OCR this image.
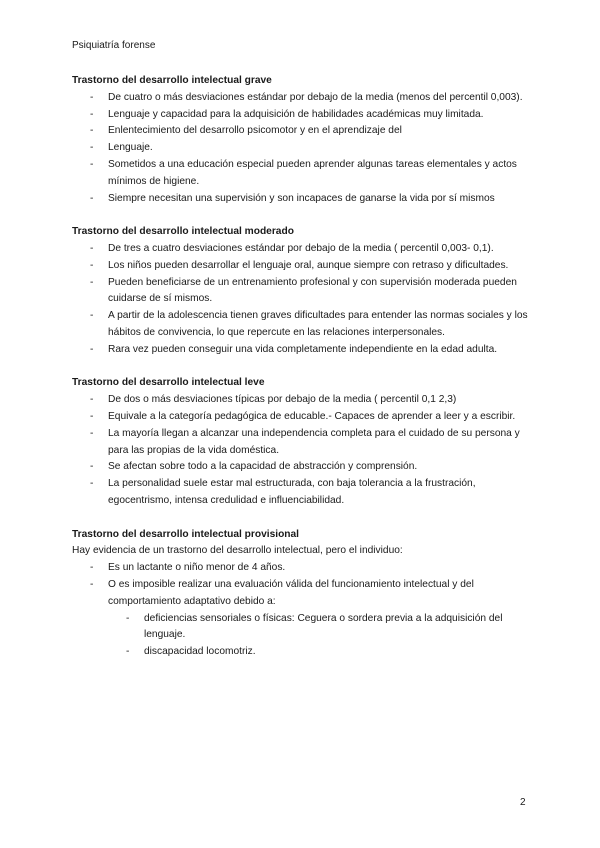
Psiquiatría forense

Trastorno del desarrollo intelectual grave

- De cuatro o más desviaciones estándar por debajo de la media (menos del percentil 0,003).
- Lenguaje y capacidad para la adquisición de habilidades académicas muy limitada.
- Enlentecimiento del desarrollo psicomotor y en el aprendizaje del
- Lenguaje.
- Sometidos a una educación especial pueden aprender algunas tareas elementales y actos mínimos de higiene.
- Siempre necesitan una supervisión y son incapaces de ganarse la vida por sí mismos

Trastorno del desarrollo intelectual moderado

- De tres a cuatro desviaciones estándar por debajo de la media ( percentil 0,003- 0,1).
- Los niños pueden desarrollar el lenguaje oral, aunque siempre con retraso y dificultades.
- Pueden beneficiarse de un entrenamiento profesional y con supervisión moderada pueden cuidarse de sí mismos.
- A partir de la adolescencia tienen graves dificultades para entender las normas sociales y los hábitos de convivencia, lo que repercute en las relaciones interpersonales.
- Rara vez pueden conseguir una vida completamente independiente en la edad adulta.

Trastorno del desarrollo intelectual leve

- De dos o más desviaciones típicas por debajo de la media ( percentil 0,1 2,3)
- Equivale a la categoría pedagógica de educable.- Capaces de aprender a leer y a escribir.
- La mayoría llegan a alcanzar una independencia completa para el cuidado de su persona y para las propias de la vida doméstica.
- Se afectan sobre todo a la capacidad de abstracción y comprensión.
- La personalidad suele estar mal estructurada, con baja tolerancia a la frustración, egocentrismo, intensa credulidad e influenciabilidad.

Trastorno del desarrollo intelectual provisional

Hay evidencia de un trastorno del desarrollo intelectual, pero el individuo:

- Es un lactante o niño menor de 4 años.
- O es imposible realizar una evaluación válida del funcionamiento intelectual y del comportamiento adaptativo debido a:
- deficiencias sensoriales o físicas: Ceguera o sordera previa a la adquisición del lenguaje.
- discapacidad locomotriz.
2
